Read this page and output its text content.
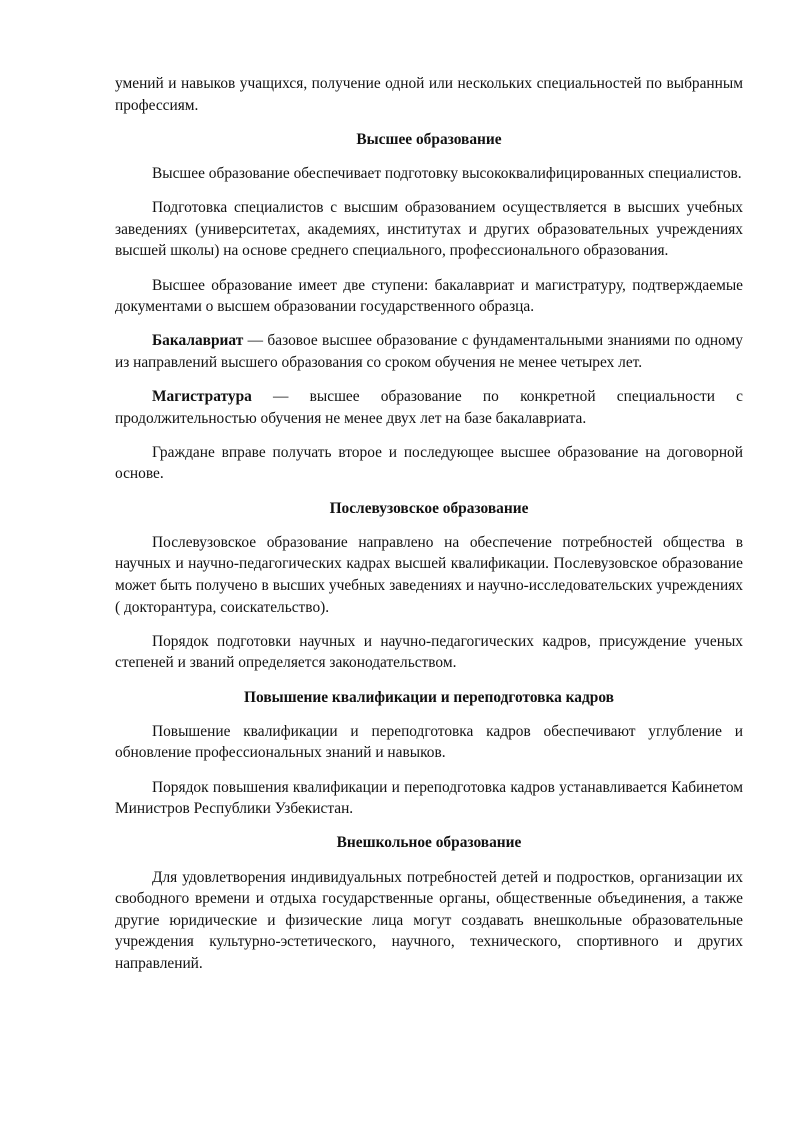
умений и навыков учащихся, получение одной или нескольких специальностей по выбранным профессиям.

Высшее образование

Высшее образование обеспечивает подготовку высококвалифицированных специалистов.

Подготовка специалистов с высшим образованием осуществляется в высших учебных заведениях (университетах, академиях, институтах и других образовательных учреждениях высшей школы) на основе среднего специального, профессионального образования.

Высшее образование имеет две ступени: бакалавриат и магистратуру, подтверждаемые документами о высшем образовании государственного образца.

Бакалавриат — базовое высшее образование с фундаментальными знаниями по одному из направлений высшего образования со сроком обучения не менее четырех лет.

Магистратура — высшее образование по конкретной специальности с продолжительностью обучения не менее двух лет на базе бакалавриата.

Граждане вправе получать второе и последующее высшее образование на договорной основе.

Послевузовское образование

Послевузовское образование направлено на обеспечение потребностей общества в научных и научно-педагогических кадрах высшей квалификации. Послевузовское образование может быть получено в высших учебных заведениях и научно-исследовательских учреждениях ( докторантура, соискательство).

Порядок подготовки научных и научно-педагогических кадров, присуждение ученых степеней и званий определяется законодательством.

Повышение квалификации и переподготовка кадров

Повышение квалификации и переподготовка кадров обеспечивают углубление и обновление профессиональных знаний и навыков.

Порядок повышения квалификации и переподготовка кадров устанавливается Кабинетом Министров Республики Узбекистан.

Внешкольное образование

Для удовлетворения индивидуальных потребностей детей и подростков, организации их свободного времени и отдыха государственные органы, общественные объединения, а также другие юридические и физические лица могут создавать внешкольные образовательные учреждения культурно-эстетического, научного, технического, спортивного и других направлений.
